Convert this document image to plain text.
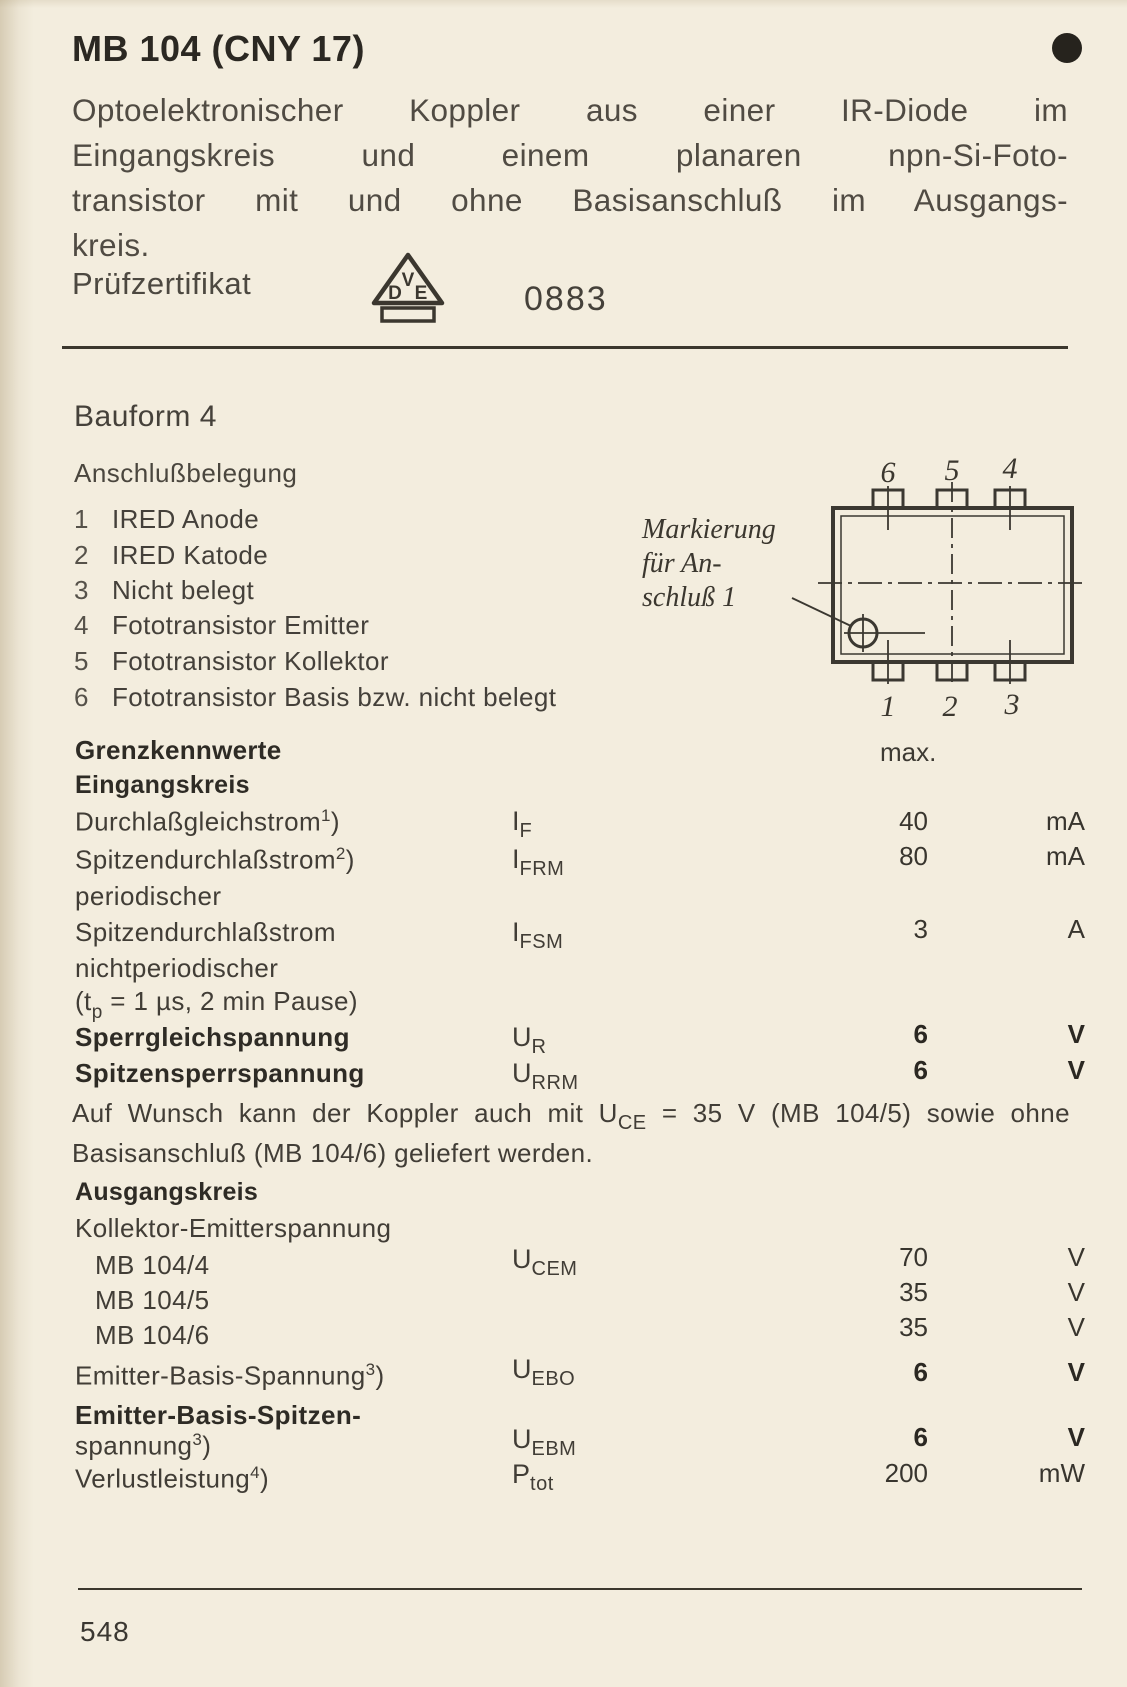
MB 104 (CNY 17)
Optoelektronischer Koppler aus einer IR-Diode im
Eingangskreis und einem planaren npn-Si-Foto-
transistor mit und ohne Basisanschluß im Ausgangs-
kreis.
Prüfzertifikat	V
D E	0883
Bauform 4
Anschlußbelegung
1 IRED Anode
2 IRED Katode
3 Nicht belegt
4 Fototransistor Emitter
5 Fototransistor Kollektor
6 Fototransistor Basis bzw. nicht belegt
Markierung
für An-
schluß 1
6 5 4
1 2 3
Grenzkennwerte	max.
Eingangskreis
Durchlaßgleichstrom$^1$)	$I_F$	40	mA
Spitzendurchlaßstrom$^2$)	$I_{FRM}$	80	mA
periodischer
Spitzendurchlaßstrom	$I_{FSM}$	3	A
nichtperiodischer
($t_p = 1$ µs, 2 min Pause)
Sperrgleichspannung	$U_R$	6	V
Spitzensperrspannung	$U_{RRM}$	6	V
Auf Wunsch kann der Koppler auch mit $U_{CE} = 35$ V (MB 104/5) sowie ohne
Basisanschluß (MB 104/6) geliefert werden.
Ausgangskreis
Kollektor-Emitterspannung
MB 104/4	$U_{CEM}$	70	V
MB 104/5	35	V
MB 104/6	35	V
Emitter-Basis-Spannung$^3$)	$U_{EBO}$	6	V
Emitter-Basis-Spitzen-
spannung$^3$)	$U_{EBM}$	6	V
Verlustleistung$^4$)	$P_{tot}$	200	mW
548
